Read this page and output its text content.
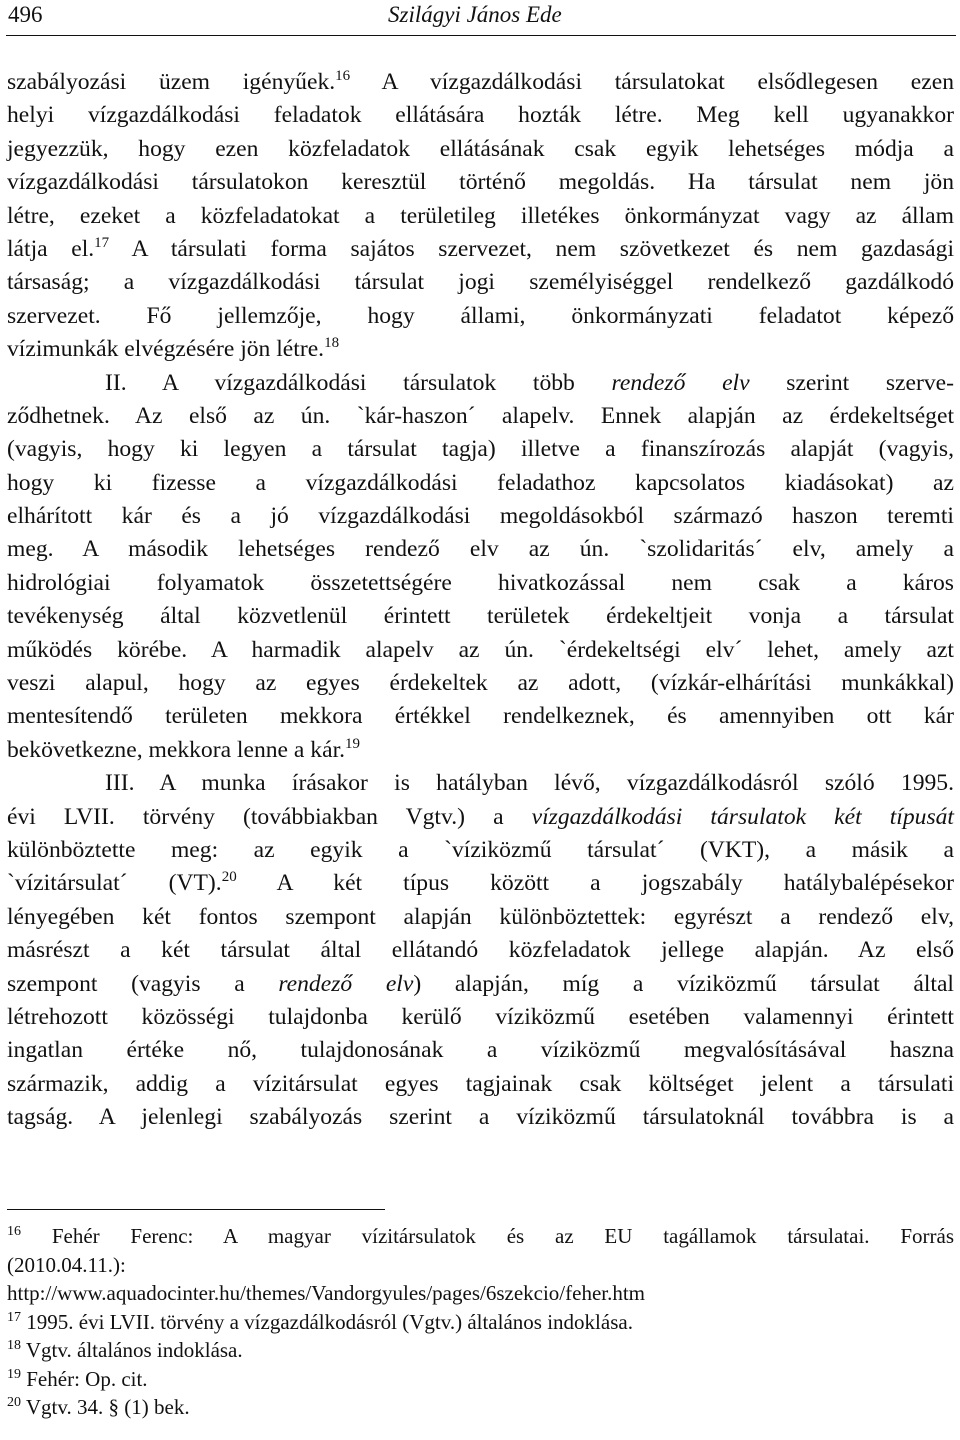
496	Szilágyi János Ede
szabályozási üzem igényűek.$^{16}$ A vízgazdálkodási társulatokat elsődlegesen ezen
helyi vízgazdálkodási feladatok ellátására hozták létre. Meg kell ugyanakkor
jegyezzük, hogy ezen közfeladatok ellátásának csak egyik lehetséges módja a
vízgazdálkodási társulatokon keresztül történő megoldás. Ha társulat nem jön
létre, ezeket a közfeladatokat a területileg illetékes önkormányzat vagy az állam
látja el.$^{17}$ A társulati forma sajátos szervezet, nem szövetkezet és nem gazdasági
társaság; a vízgazdálkodási társulat jogi személyiséggel rendelkező gazdálkodó
szervezet. Fő jellemzője, hogy állami, önkormányzati feladatot képező
vízimunkák elvégzésére jön létre.$^{18}$
II. A vízgazdálkodási társulatok több rendező elv szerint szerve-
ződhetnek. Az első az ún. `kár-haszon´ alapelv. Ennek alapján az érdekeltséget
(vagyis, hogy ki legyen a társulat tagja) illetve a finanszírozás alapját (vagyis,
hogy ki fizesse a vízgazdálkodási feladathoz kapcsolatos kiadásokat) az
elhárított kár és a jó vízgazdálkodási megoldásokból származó haszon teremti
meg. A második lehetséges rendező elv az ún. `szolidaritás´ elv, amely a
hidrológiai folyamatok összetettségére hivatkozással nem csak a káros
tevékenység által közvetlenül érintett területek érdekeltjeit vonja a társulat
működés körébe. A harmadik alapelv az ún. `érdekeltségi elv´ lehet, amely azt
veszi alapul, hogy az egyes érdekeltek az adott, (vízkár-elhárítási munkákkal)
mentesítendő területen mekkora értékkel rendelkeznek, és amennyiben ott kár
bekövetkezne, mekkora lenne a kár.$^{19}$
III. A munka írásakor is hatályban lévő, vízgazdálkodásról szóló 1995.
évi LVII. törvény (továbbiakban Vgtv.) a vízgazdálkodási társulatok két típusát
különböztette meg: az egyik a `víziközmű társulat´ (VKT), a másik a
`vízitársulat´ (VT).$^{20}$ A két típus között a jogszabály hatálybalépésekor
lényegében két fontos szempont alapján különböztettek: egyrészt a rendező elv,
másrészt a két társulat által ellátandó közfeladatok jellege alapján. Az első
szempont (vagyis a rendező elv) alapján, míg a víziközmű társulat által
létrehozott közösségi tulajdonba kerülő víziközmű esetében valamennyi érintett
ingatlan értéke nő, tulajdonosának a víziközmű megvalósításával haszna
származik, addig a vízitársulat egyes tagjainak csak költséget jelent a társulati
tagság. A jelenlegi szabályozás szerint a víziközmű társulatoknál továbbra is a
$^{16}$ Fehér Ferenc: A magyar vízitársulatok és az EU tagállamok társulatai. Forrás
(2010.04.11.):
http://www.aquadocinter.hu/themes/Vandorgyules/pages/6szekcio/feher.htm
$^{17}$ 1995. évi LVII. törvény a vízgazdálkodásról (Vgtv.) általános indoklása.
$^{18}$ Vgtv. általános indoklása.
$^{19}$ Fehér: Op. cit.
$^{20}$ Vgtv. 34. § (1) bek.
